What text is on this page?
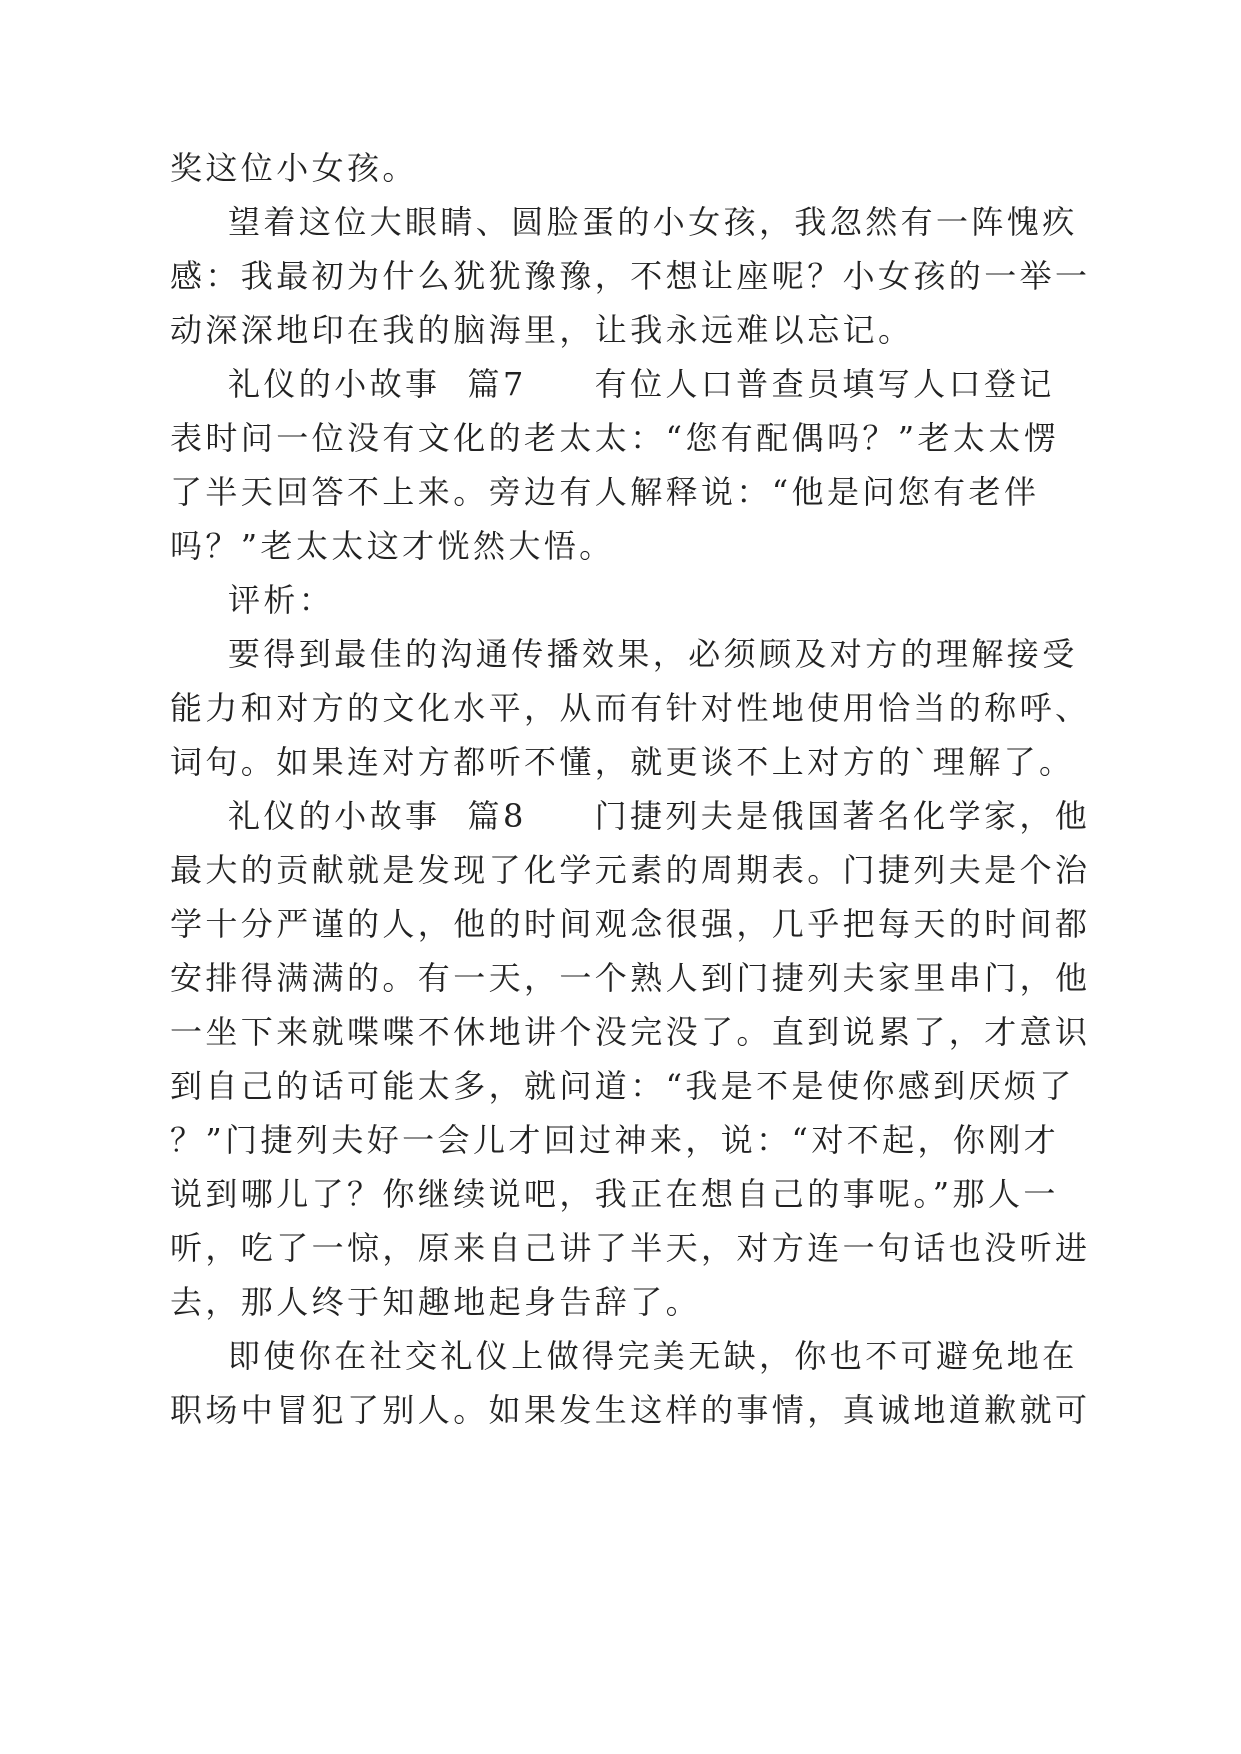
奖这位小女孩。
望着这位大眼睛、圆脸蛋的小女孩，我忽然有一阵愧疚
感：我最初为什么犹犹豫豫，不想让座呢？小女孩的一举一
动深深地印在我的脑海里，让我永远难以忘记。
礼仪的小故事  篇7     有位人口普查员填写人口登记
表时问一位没有文化的老太太：“您有配偶吗？”老太太愣
了半天回答不上来。旁边有人解释说：“他是问您有老伴
吗？”老太太这才恍然大悟。
评析：
要得到最佳的沟通传播效果，必须顾及对方的理解接受
能力和对方的文化水平，从而有针对性地使用恰当的称呼、
词句。如果连对方都听不懂，就更谈不上对方的`理解了。
礼仪的小故事  篇8     门捷列夫是俄国著名化学家，他
最大的贡献就是发现了化学元素的周期表。门捷列夫是个治
学十分严谨的人，他的时间观念很强，几乎把每天的时间都
安排得满满的。有一天，一个熟人到门捷列夫家里串门，他
一坐下来就喋喋不休地讲个没完没了。直到说累了，才意识
到自己的话可能太多，就问道：“我是不是使你感到厌烦了
？”门捷列夫好一会儿才回过神来，说：“对不起，你刚才
说到哪儿了？你继续说吧，我正在想自己的事呢。”那人一
听，吃了一惊，原来自己讲了半天，对方连一句话也没听进
去，那人终于知趣地起身告辞了。
即使你在社交礼仪上做得完美无缺，你也不可避免地在
职场中冒犯了别人。如果发生这样的事情，真诚地道歉就可
